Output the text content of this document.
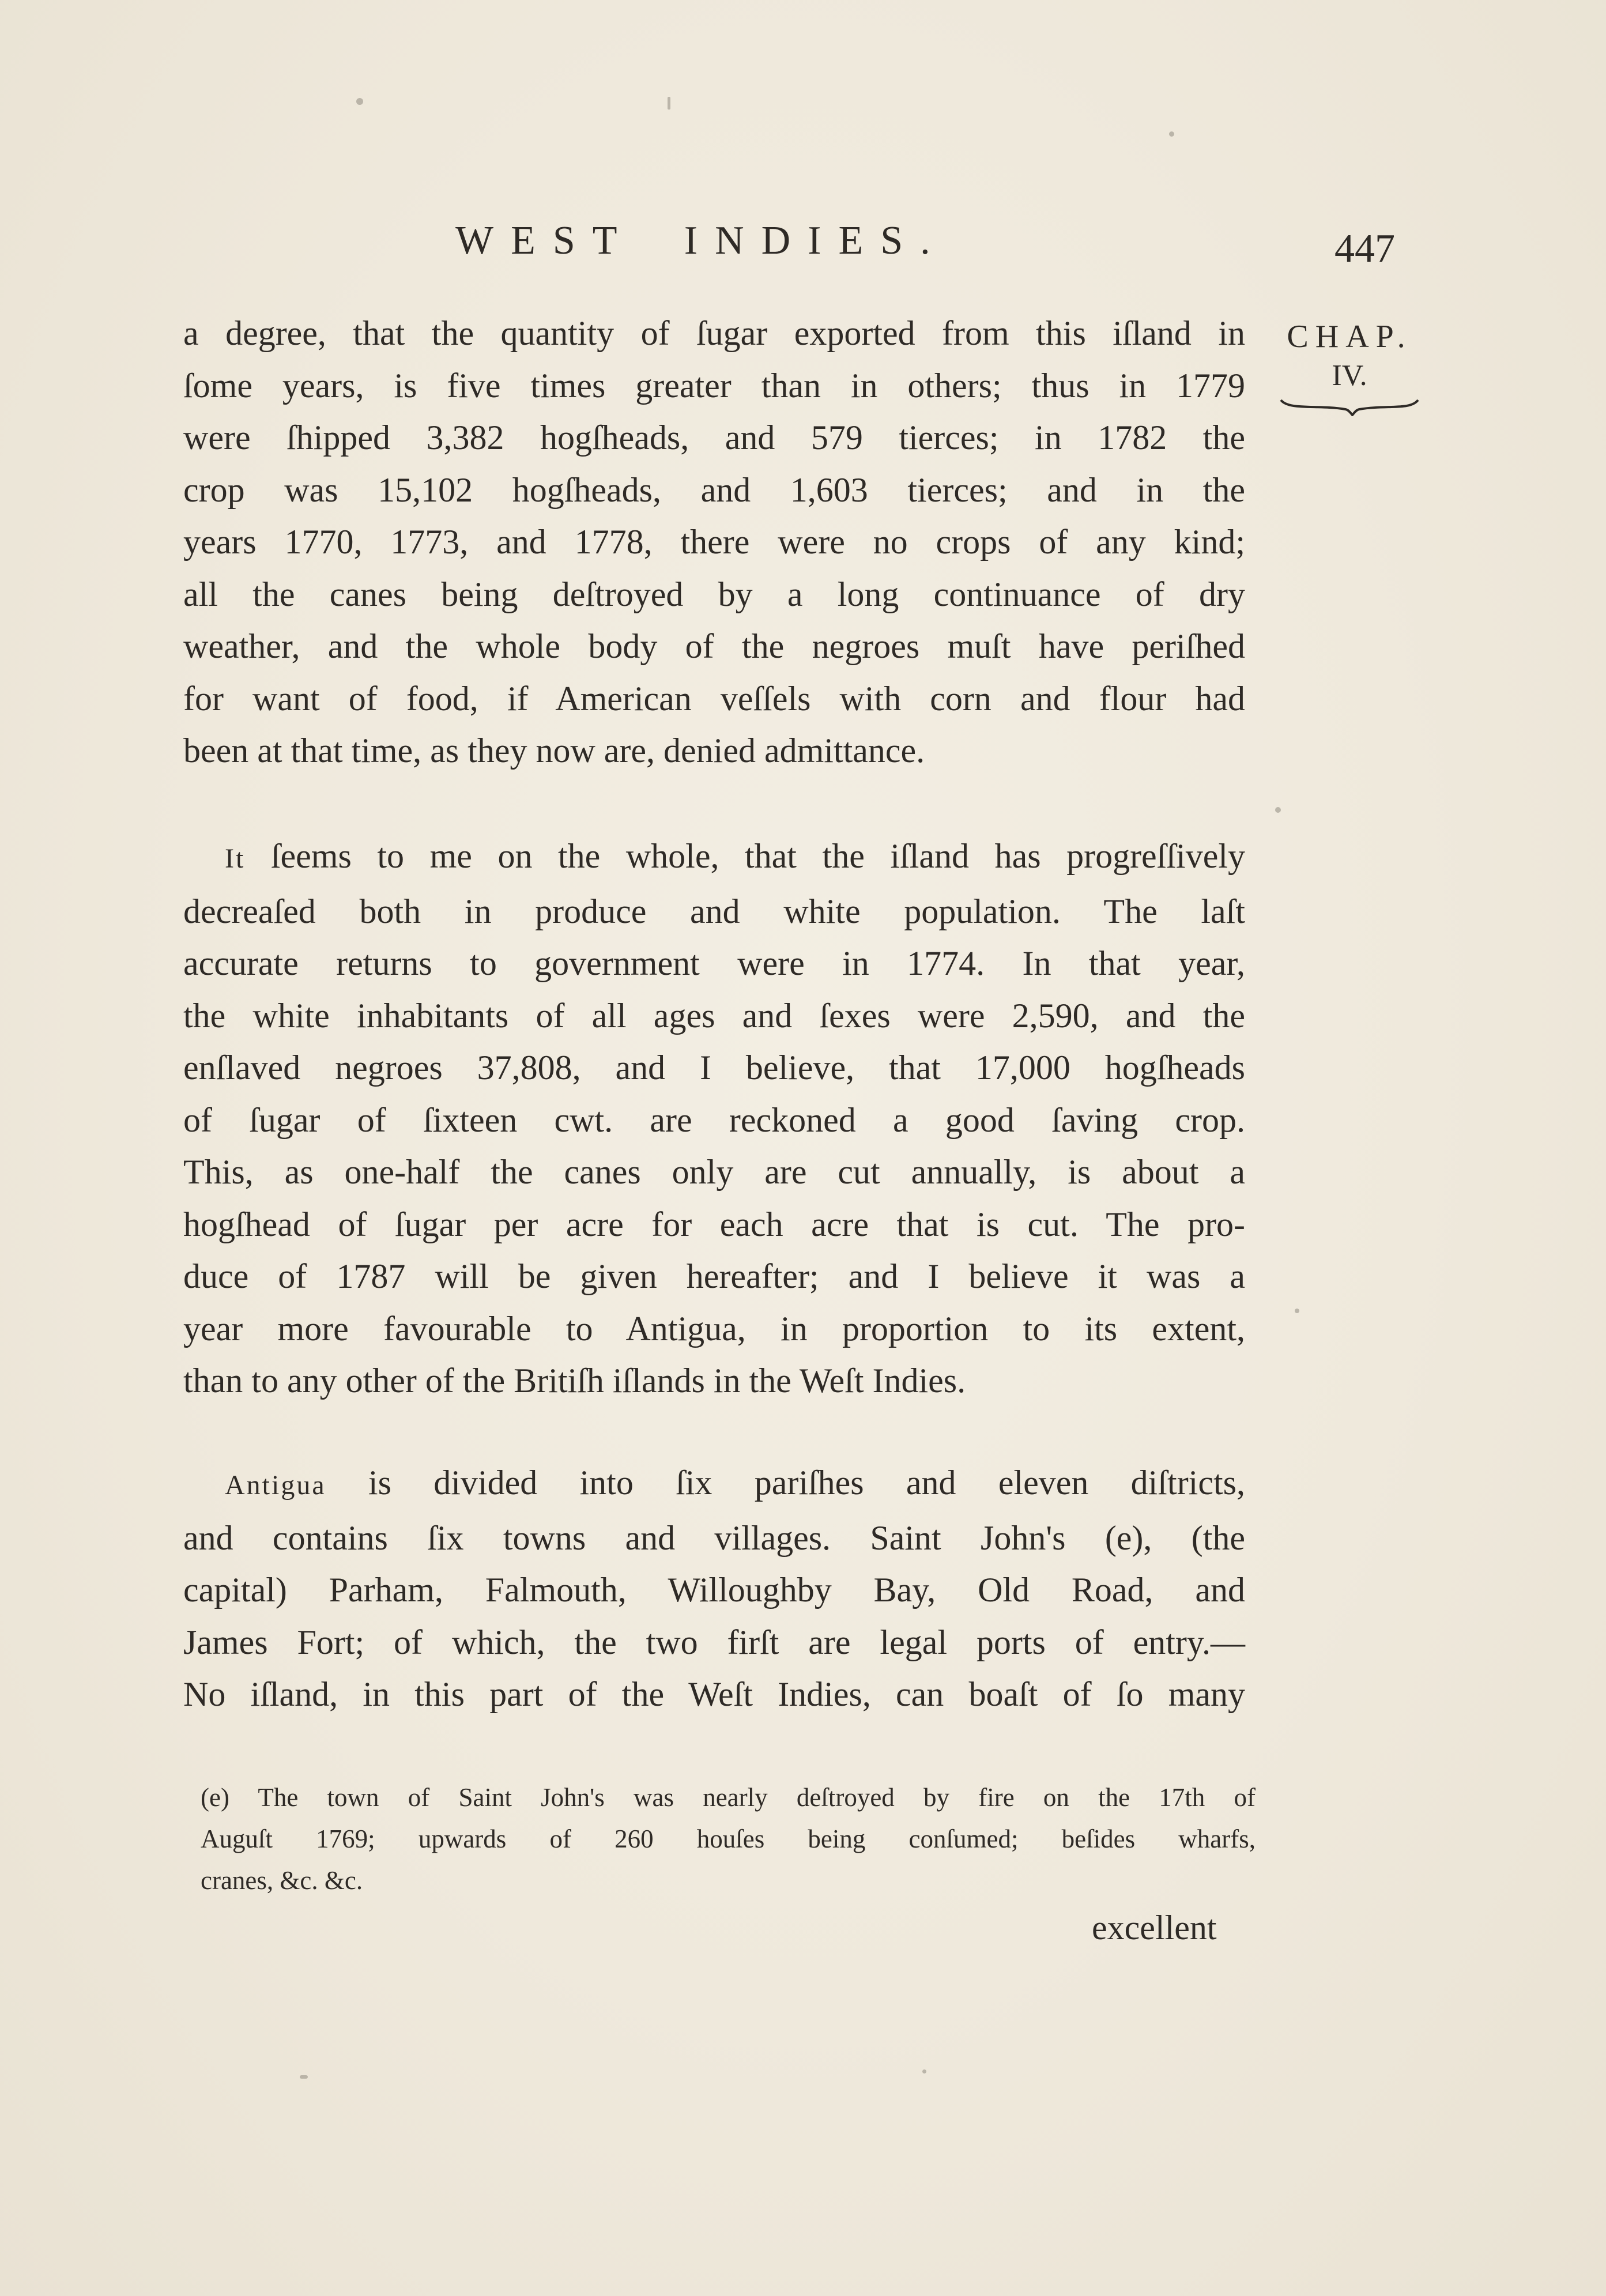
WEST INDIES.	447
CHAP.
IV.

a degree, that the quantity of ſugar exported from this iſland in
ſome years, is five times greater than in others; thus in 1779
were ſhipped 3,382 hogſheads, and 579 tierces; in 1782 the
crop was 15,102 hogſheads, and 1,603 tierces; and in the
years 1770, 1773, and 1778, there were no crops of any kind;
all the canes being deſtroyed by a long continuance of dry
weather, and the whole body of the negroes muſt have periſhed
for want of food, if American veſſels with corn and flour had
been at that time, as they now are, denied admittance.

It ſeems to me on the whole, that the iſland has progreſſively
decreaſed both in produce and white population. The laſt
accurate returns to government were in 1774. In that year,
the white inhabitants of all ages and ſexes were 2,590, and the
enſlaved negroes 37,808, and I believe, that 17,000 hogſheads
of ſugar of ſixteen cwt. are reckoned a good ſaving crop.
This, as one-half the canes only are cut annually, is about a
hogſhead of ſugar per acre for each acre that is cut. The pro-
duce of 1787 will be given hereafter; and I believe it was a
year more favourable to Antigua, in proportion to its extent,
than to any other of the Britiſh iſlands in the Weſt Indies.

Antigua is divided into ſix pariſhes and eleven diſtricts,
and contains ſix towns and villages. Saint John's (e), (the
capital) Parham, Falmouth, Willoughby Bay, Old Road, and
James Fort; of which, the two firſt are legal ports of entry.—
No iſland, in this part of the Weſt Indies, can boaſt of ſo many

(e) The town of Saint John's was nearly deſtroyed by fire on the 17th of
Auguſt 1769; upwards of 260 houſes being conſumed; beſides wharfs,
cranes, &c. &c.
excellent
